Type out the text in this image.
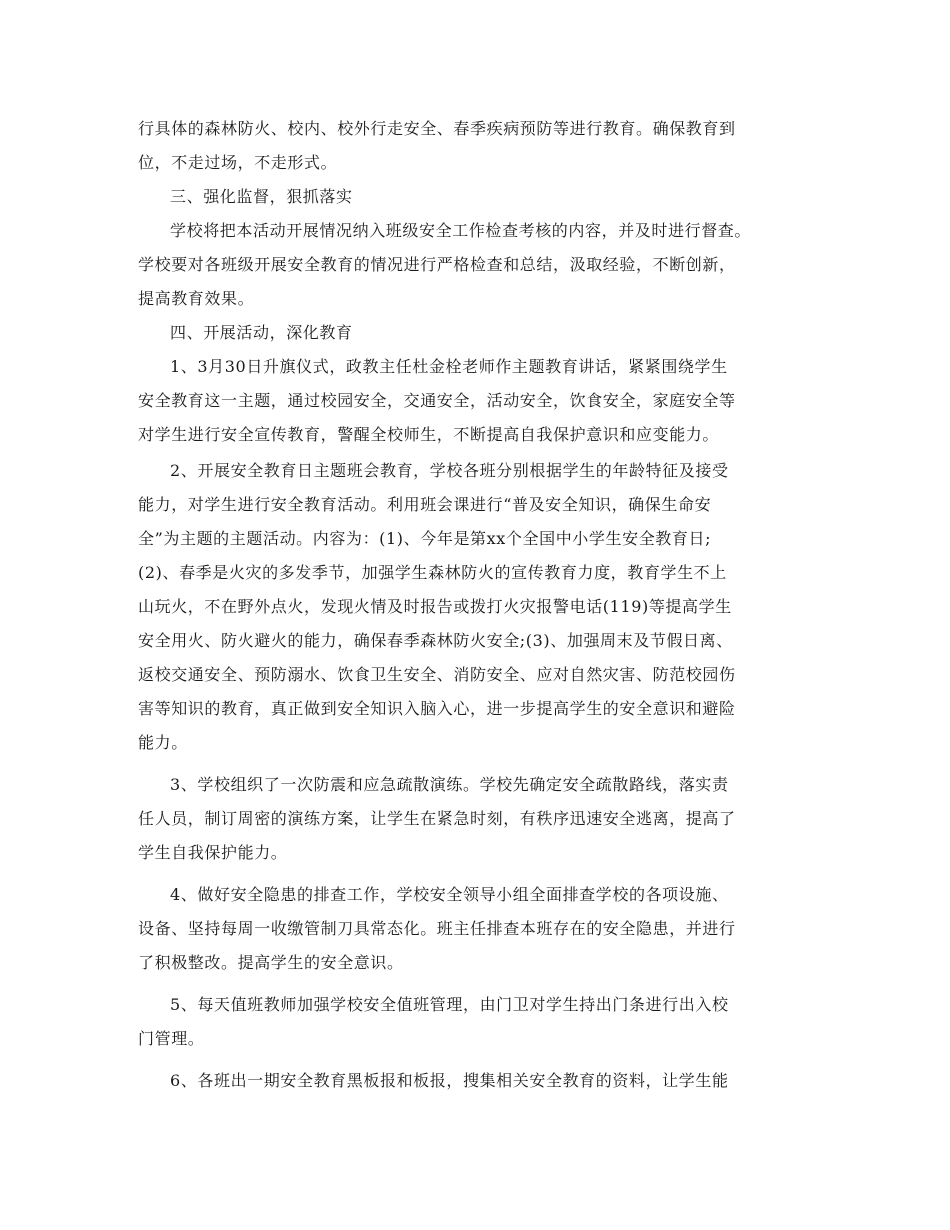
行具体的森林防火、校内、校外行走安全、春季疾病预防等进行教育。确保教育到
位，不走过场，不走形式。
三、强化监督，狠抓落实
学校将把本活动开展情况纳入班级安全工作检查考核的内容，并及时进行督查。
学校要对各班级开展安全教育的情况进行严格检查和总结，汲取经验，不断创新，
提高教育效果。
四、开展活动，深化教育
1、3月30日升旗仪式，政教主任杜金栓老师作主题教育讲话，紧紧围绕学生
安全教育这一主题，通过校园安全，交通安全，活动安全，饮食安全，家庭安全等
对学生进行安全宣传教育，警醒全校师生，不断提高自我保护意识和应变能力。
2、开展安全教育日主题班会教育，学校各班分别根据学生的年龄特征及接受
能力，对学生进行安全教育活动。利用班会课进行“普及安全知识，确保生命安
全”为主题的主题活动。内容为：(1)、今年是第xx个全国中小学生安全教育日;
(2)、春季是火灾的多发季节，加强学生森林防火的宣传教育力度，教育学生不上
山玩火，不在野外点火，发现火情及时报告或拨打火灾报警电话(119)等提高学生
安全用火、防火避火的能力，确保春季森林防火安全;(3)、加强周末及节假日离、
返校交通安全、预防溺水、饮食卫生安全、消防安全、应对自然灾害、防范校园伤
害等知识的教育，真正做到安全知识入脑入心，进一步提高学生的安全意识和避险
能力。
3、学校组织了一次防震和应急疏散演练。学校先确定安全疏散路线，落实责
任人员，制订周密的演练方案，让学生在紧急时刻，有秩序迅速安全逃离，提高了
学生自我保护能力。
4、做好安全隐患的排查工作，学校安全领导小组全面排查学校的各项设施、
设备、坚持每周一收缴管制刀具常态化。班主任排查本班存在的安全隐患，并进行
了积极整改。提高学生的安全意识。
5、每天值班教师加强学校安全值班管理，由门卫对学生持出门条进行出入校
门管理。
6、各班出一期安全教育黑板报和板报，搜集相关安全教育的资料，让学生能
